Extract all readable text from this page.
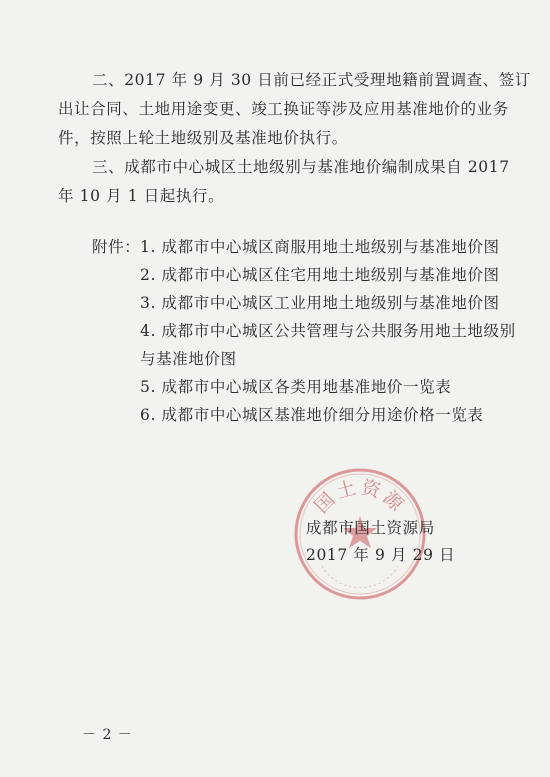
二、2017 年 9 月 30 日前已经正式受理地籍前置调查、签订
出让合同、土地用途变更、竣工换证等涉及应用基准地价的业务
件，按照上轮土地级别及基准地价执行。
三、成都市中心城区土地级别与基准地价编制成果自 2017
年 10 月 1 日起执行。
附件： 1. 成都市中心城区商服用地土地级别与基准地价图
2. 成都市中心城区住宅用地土地级别与基准地价图
3. 成都市中心城区工业用地土地级别与基准地价图
4. 成都市中心城区公共管理与公共服务用地土地级别
与基准地价图
5. 成都市中心城区各类用地基准地价一览表
6. 成都市中心城区基准地价细分用途价格一览表
国土资源
成都市国土资源局
2017 年 9 月 29 日
－ 2 －
